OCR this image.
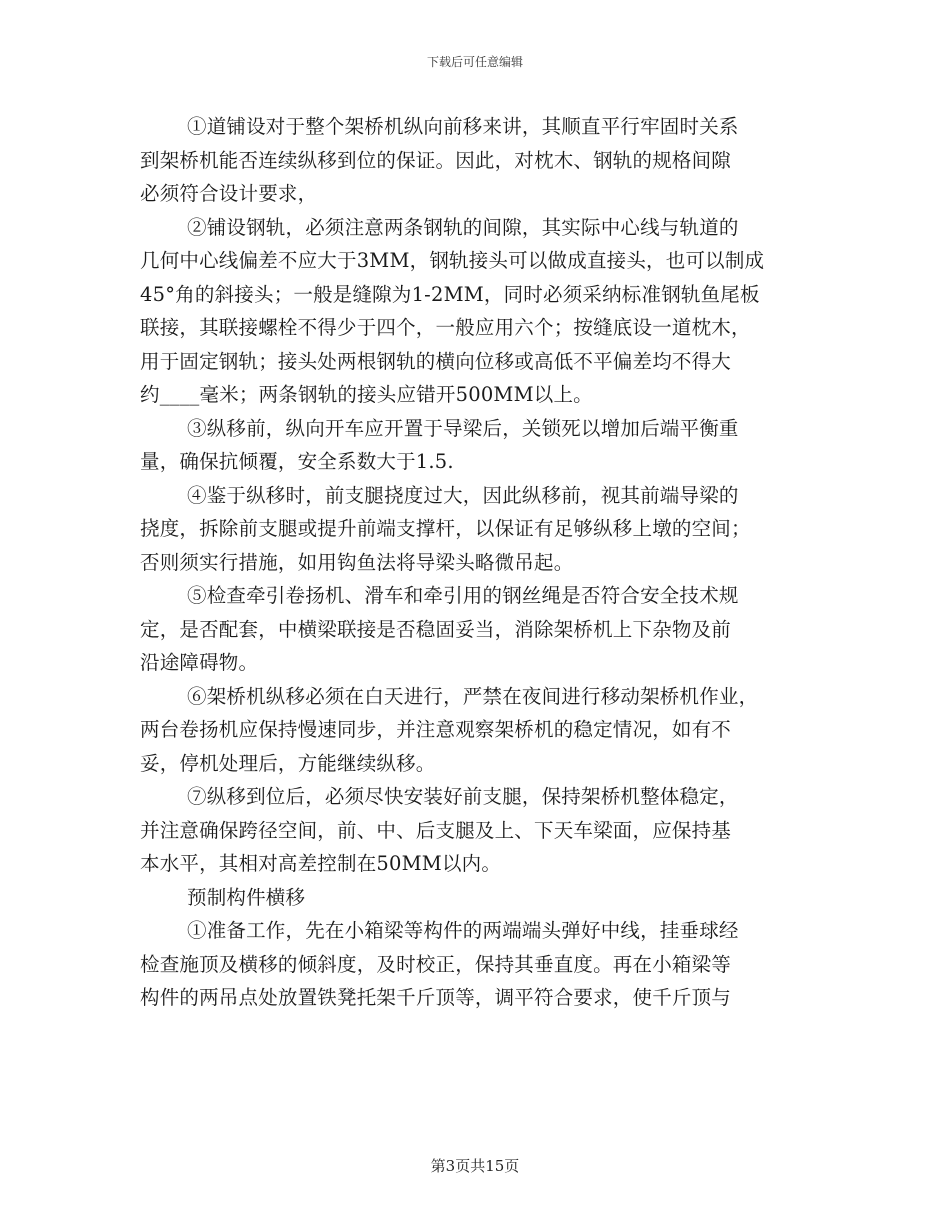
下载后可任意编辑

①道铺设对于整个架桥机纵向前移来讲，其顺直平行牢固时关系
到架桥机能否连续纵移到位的保证。因此，对枕木、钢轨的规格间隙
必须符合设计要求，

②铺设钢轨，必须注意两条钢轨的间隙，其实际中心线与轨道的
几何中心线偏差不应大于3MM，钢轨接头可以做成直接头，也可以制成
45°角的斜接头；一般是缝隙为1-2MM，同时必须采纳标准钢轨鱼尾板
联接，其联接螺栓不得少于四个，一般应用六个；按缝底设一道枕木，
用于固定钢轨；接头处两根钢轨的横向位移或高低不平偏差均不得大
约____毫米；两条钢轨的接头应错开500MM以上。

③纵移前，纵向开车应开置于导梁后，关锁死以增加后端平衡重
量，确保抗倾覆，安全系数大于1.5.

④鉴于纵移时，前支腿挠度过大，因此纵移前，视其前端导梁的
挠度，拆除前支腿或提升前端支撑杆，以保证有足够纵移上墩的空间；
否则须实行措施，如用钩鱼法将导梁头略微吊起。

⑤检查牵引卷扬机、滑车和牵引用的钢丝绳是否符合安全技术规
定，是否配套，中横梁联接是否稳固妥当，消除架桥机上下杂物及前
沿途障碍物。

⑥架桥机纵移必须在白天进行，严禁在夜间进行移动架桥机作业，
两台卷扬机应保持慢速同步，并注意观察架桥机的稳定情况，如有不
妥，停机处理后，方能继续纵移。

⑦纵移到位后，必须尽快安装好前支腿，保持架桥机整体稳定，
并注意确保跨径空间，前、中、后支腿及上、下天车梁面，应保持基
本水平，其相对高差控制在50MM以内。

预制构件横移

①准备工作，先在小箱梁等构件的两端端头弹好中线，挂垂球经
检查施顶及横移的倾斜度，及时校正，保持其垂直度。再在小箱梁等
构件的两吊点处放置铁凳托架千斤顶等，调平符合要求，使千斤顶与

第3页共15页
